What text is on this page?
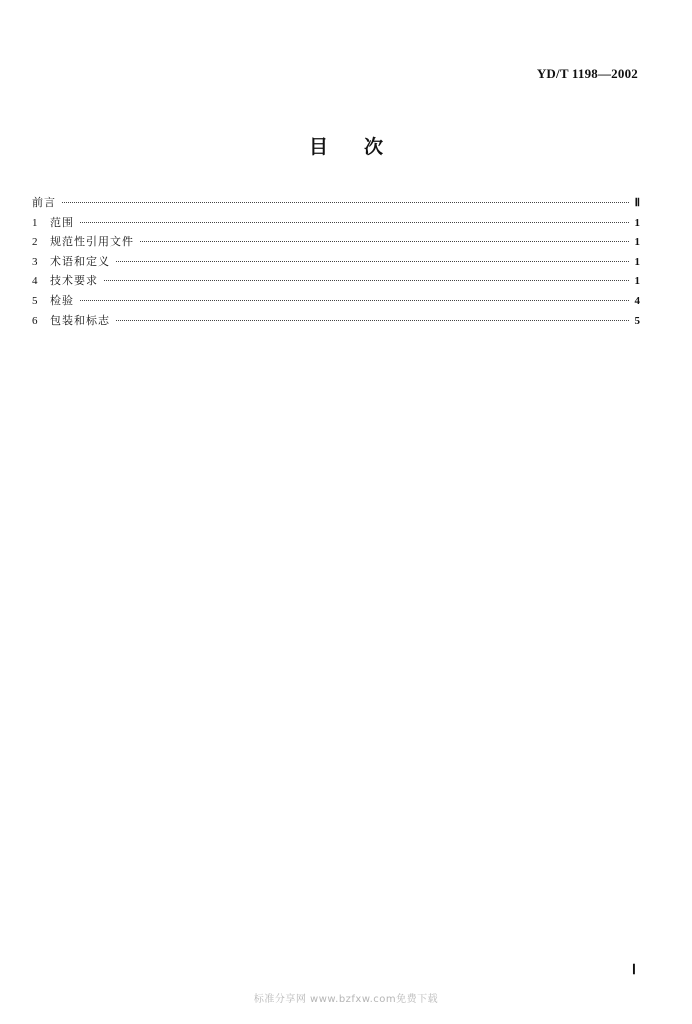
YD/T 1198—2002
目次
前言	Ⅱ
1	范围	1
2	规范性引用文件	1
3	术语和定义	1
4	技术要求	1
5	检验	4
6	包装和标志	5
Ⅰ
标准分享网 www.bzfxw.com免费下载
